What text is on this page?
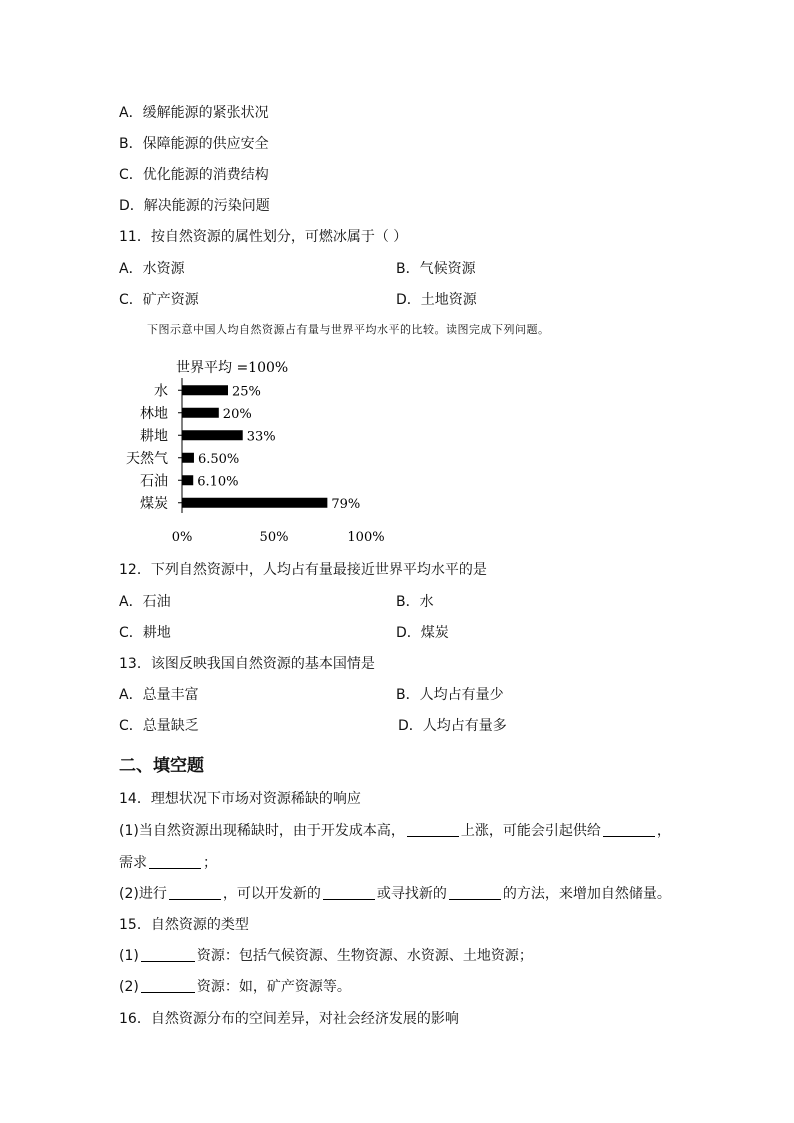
A．缓解能源的紧张状况
B．保障能源的供应安全
C．优化能源的消费结构
D．解决能源的污染问题
11．按自然资源的属性划分，可燃冰属于（ ）
A．水资源	B．气候资源
C．矿产资源	D．土地资源
下图示意中国人均自然资源占有量与世界平均水平的比较。读图完成下列问题。
世界平均 =100%
水	25%
林地	20%
耕地	33%
天然气 6.50%
石油 6.10%
煤炭	79%
0%	50%	100%
12．下列自然资源中，人均占有量最接近世界平均水平的是
A．石油	B．水
C．耕地	D．煤炭
13．该图反映我国自然资源的基本国情是
A．总量丰富	B．人均占有量少
C．总量缺乏	D．人均占有量多
二、填空题
14．理想状况下市场对资源稀缺的响应
(1)当自然资源出现稀缺时，由于开发成本高，	上涨，可能会引起供给	，
需求	；
(2)进行	，可以开发新的	或寻找新的	的方法，来增加自然储量。
15．自然资源的类型
(1)	资源：包括气候资源、生物资源、水资源、土地资源；
(2)	资源：如，矿产资源等。
16．自然资源分布的空间差异，对社会经济发展的影响
